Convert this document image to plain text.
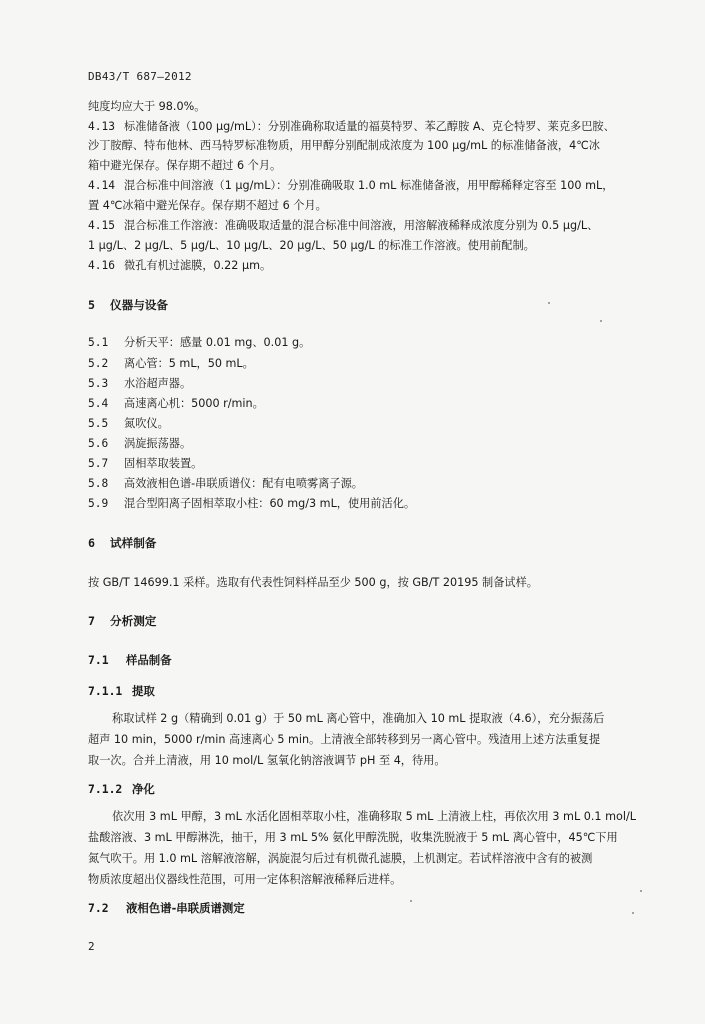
DB43/T 687—2012
纯度均应大于 98.0%。
4.13 标准储备液（100 μg/mL）：分别准确称取适量的福莫特罗、苯乙醇胺 A、克仑特罗、莱克多巴胺、
沙丁胺醇、特布他林、西马特罗标准物质，用甲醇分别配制成浓度为 100 μg/mL 的标准储备液，4℃冰
箱中避光保存。保存期不超过 6 个月。
4.14 混合标准中间溶液（1 μg/mL）：分别准确吸取 1.0 mL 标准储备液，用甲醇稀释定容至 100 mL，
置 4℃冰箱中避光保存。保存期不超过 6 个月。
4.15 混合标准工作溶液：准确吸取适量的混合标准中间溶液，用溶解液稀释成浓度分别为 0.5 μg/L、
1 μg/L、2 μg/L、5 μg/L、10 μg/L、20 μg/L、50 μg/L 的标准工作溶液。使用前配制。
4.16 微孔有机过滤膜，0.22 μm。
5 仪器与设备
5.1 分析天平：感量 0.01 mg、0.01 g。
5.2 离心管：5 mL，50 mL。
5.3 水浴超声器。
5.4 高速离心机：5000 r/min。
5.5 氮吹仪。
5.6 涡旋振荡器。
5.7 固相萃取装置。
5.8 高效液相色谱-串联质谱仪：配有电喷雾离子源。
5.9 混合型阳离子固相萃取小柱：60 mg/3 mL，使用前活化。
6 试样制备
按 GB/T 14699.1 采样。选取有代表性饲料样品至少 500 g，按 GB/T 20195 制备试样。
7 分析测定
7.1 样品制备
7.1.1 提取
称取试样 2 g（精确到 0.01 g）于 50 mL 离心管中，准确加入 10 mL 提取液（4.6），充分振荡后
超声 10 min，5000 r/min 高速离心 5 min。上清液全部转移到另一离心管中。残渣用上述方法重复提
取一次。合并上清液，用 10 mol/L 氢氧化钠溶液调节 pH 至 4，待用。
7.1.2 净化
依次用 3 mL 甲醇，3 mL 水活化固相萃取小柱，准确移取 5 mL 上清液上柱，再依次用 3 mL 0.1 mol/L
盐酸溶液、3 mL 甲醇淋洗，抽干，用 3 mL 5% 氨化甲醇洗脱，收集洗脱液于 5 mL 离心管中，45℃下用
氮气吹干。用 1.0 mL 溶解液溶解，涡旋混匀后过有机微孔滤膜，上机测定。若试样溶液中含有的被测
物质浓度超出仪器线性范围，可用一定体积溶解液稀释后进样。
7.2 液相色谱-串联质谱测定
2
